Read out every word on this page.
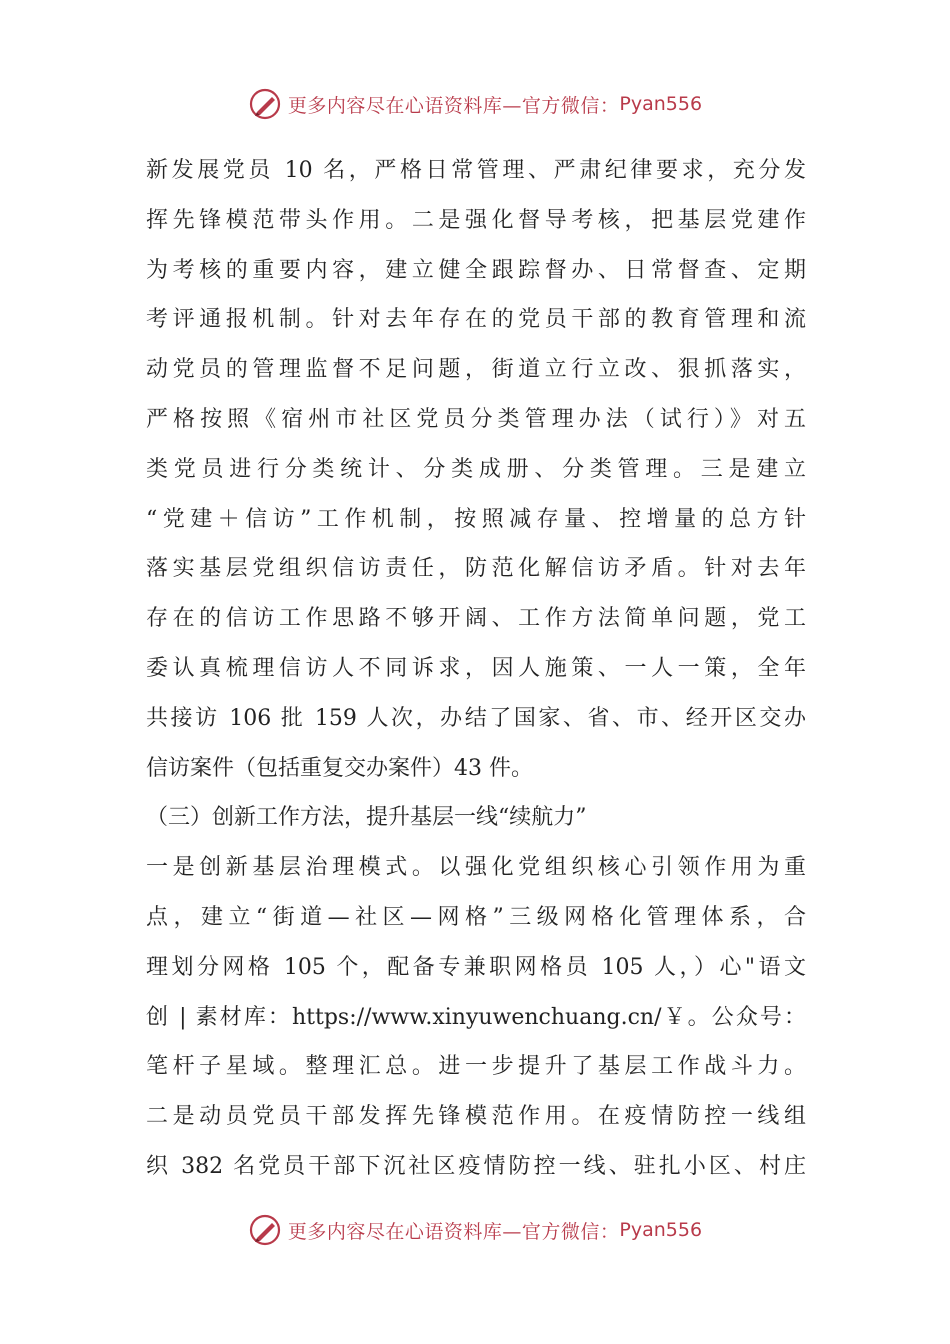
更多内容尽在心语资料库—官方微信： Pyan556
新发展党员 10 名，严格日常管理、严肃纪律要求，充分发
挥先锋模范带头作用。二是强化督导考核，把基层党建作
为考核的重要内容，建立健全跟踪督办、日常督查、定期
考评通报机制。针对去年存在的党员干部的教育管理和流
动党员的管理监督不足问题，街道立行立改、狠抓落实，
严格按照《宿州市社区党员分类管理办法（试行）》对五
类党员进行分类统计、分类成册、分类管理。三是建立
“党建＋信访”工作机制，按照减存量、控增量的总方针
落实基层党组织信访责任，防范化解信访矛盾。针对去年
存在的信访工作思路不够开阔、工作方法简单问题，党工
委认真梳理信访人不同诉求，因人施策、一人一策，全年
共接访 106 批 159 人次，办结了国家、省、市、经开区交办
信访案件（包括重复交办案件）43 件。
（三）创新工作方法，提升基层一线“续航力”
一是创新基层治理模式。以强化党组织核心引领作用为重
点，建立“街道—社区—网格”三级网格化管理体系，合
理划分网格 105 个，配备专兼职网格员 105 人，）心"语文
创 | 素材库：https://www.xinyuwenchuang.cn/￥。公众号：
笔杆子星域。整理汇总。进一步提升了基层工作战斗力。
二是动员党员干部发挥先锋模范作用。在疫情防控一线组
织 382 名党员干部下沉社区疫情防控一线、驻扎小区、村庄
更多内容尽在心语资料库—官方微信： Pyan556
